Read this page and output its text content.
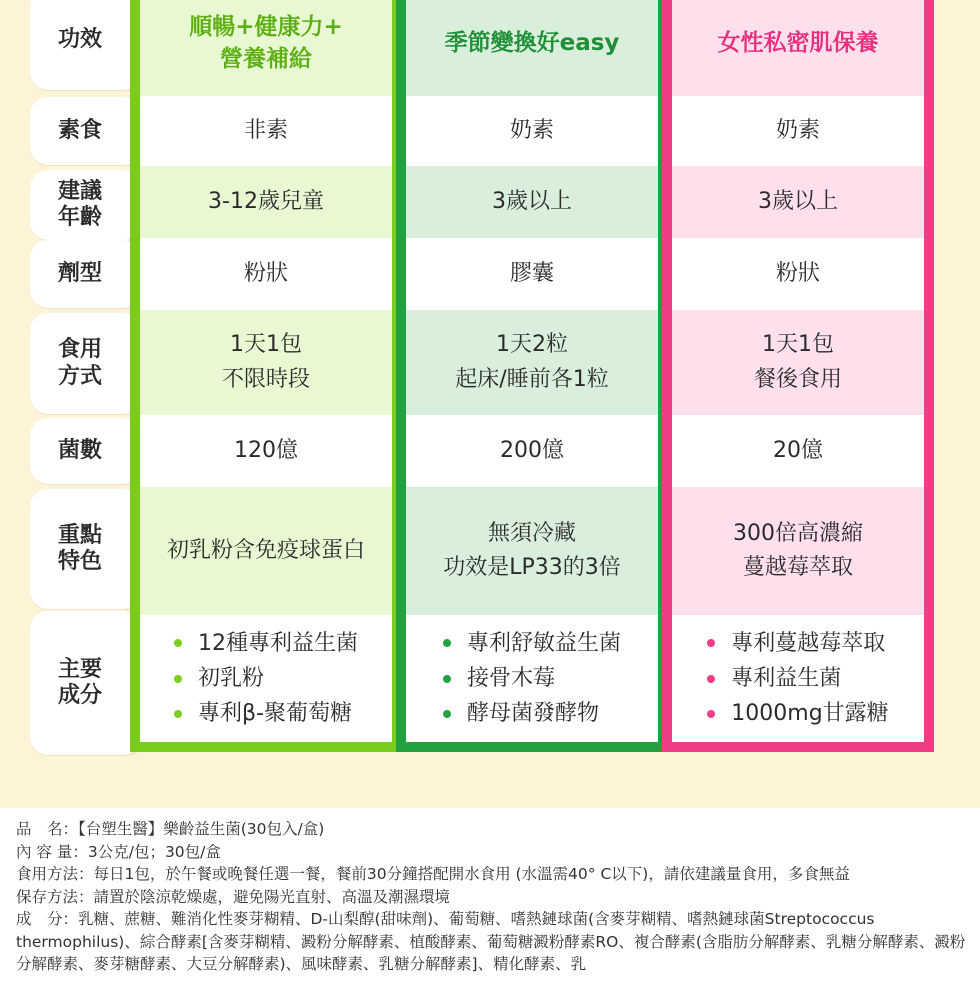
功效
素食
建議
年齡
劑型
食用
方式
菌數
重點
特色
主要
成分
順暢+健康力+
營養補給
非素
3-12歲兒童
粉狀
1天1包
不限時段
120億
初乳粉含免疫球蛋白
12種專利益生菌
初乳粉
專利β-聚葡萄糖
季節變換好easy
奶素
3歲以上
膠囊
1天2粒
起床/睡前各1粒
200億
無須冷藏
功效是LP33的3倍
專利舒敏益生菌
接骨木莓
酵母菌發酵物
女性私密肌保養
奶素
3歲以上
粉狀
1天1包
餐後食用
20億
300倍高濃縮
蔓越莓萃取
專利蔓越莓萃取
專利益生菌
1000mg甘露糖

品　名：【台塑生醫】樂齡益生菌(30包入/盒)

內 容 量：3公克/包；30包/盒

食用方法：每日1包，於午餐或晚餐任選一餐，餐前30分鐘搭配開水食用 (水溫需40° C以下)，請依建議量食用，多食無益

保存方法：請置於陰涼乾燥處，避免陽光直射、高溫及潮濕環境

成　分：乳糖、蔗糖、難消化性麥芽糊精、D-山梨醇(甜味劑)、葡萄糖、嗜熱鏈球菌(含麥芽糊精、嗜熱鏈球菌Streptococcus thermophilus)、綜合酵素[含麥芽糊精、澱粉分解酵素、植酸酵素、葡萄糖澱粉酵素RO、複合酵素(含脂肪分解酵素、乳糖分解酵素、澱粉分解酵素、麥芽糖酵素、大豆分解酵素)、風味酵素、乳糖分解酵素]、精化酵素、乳
